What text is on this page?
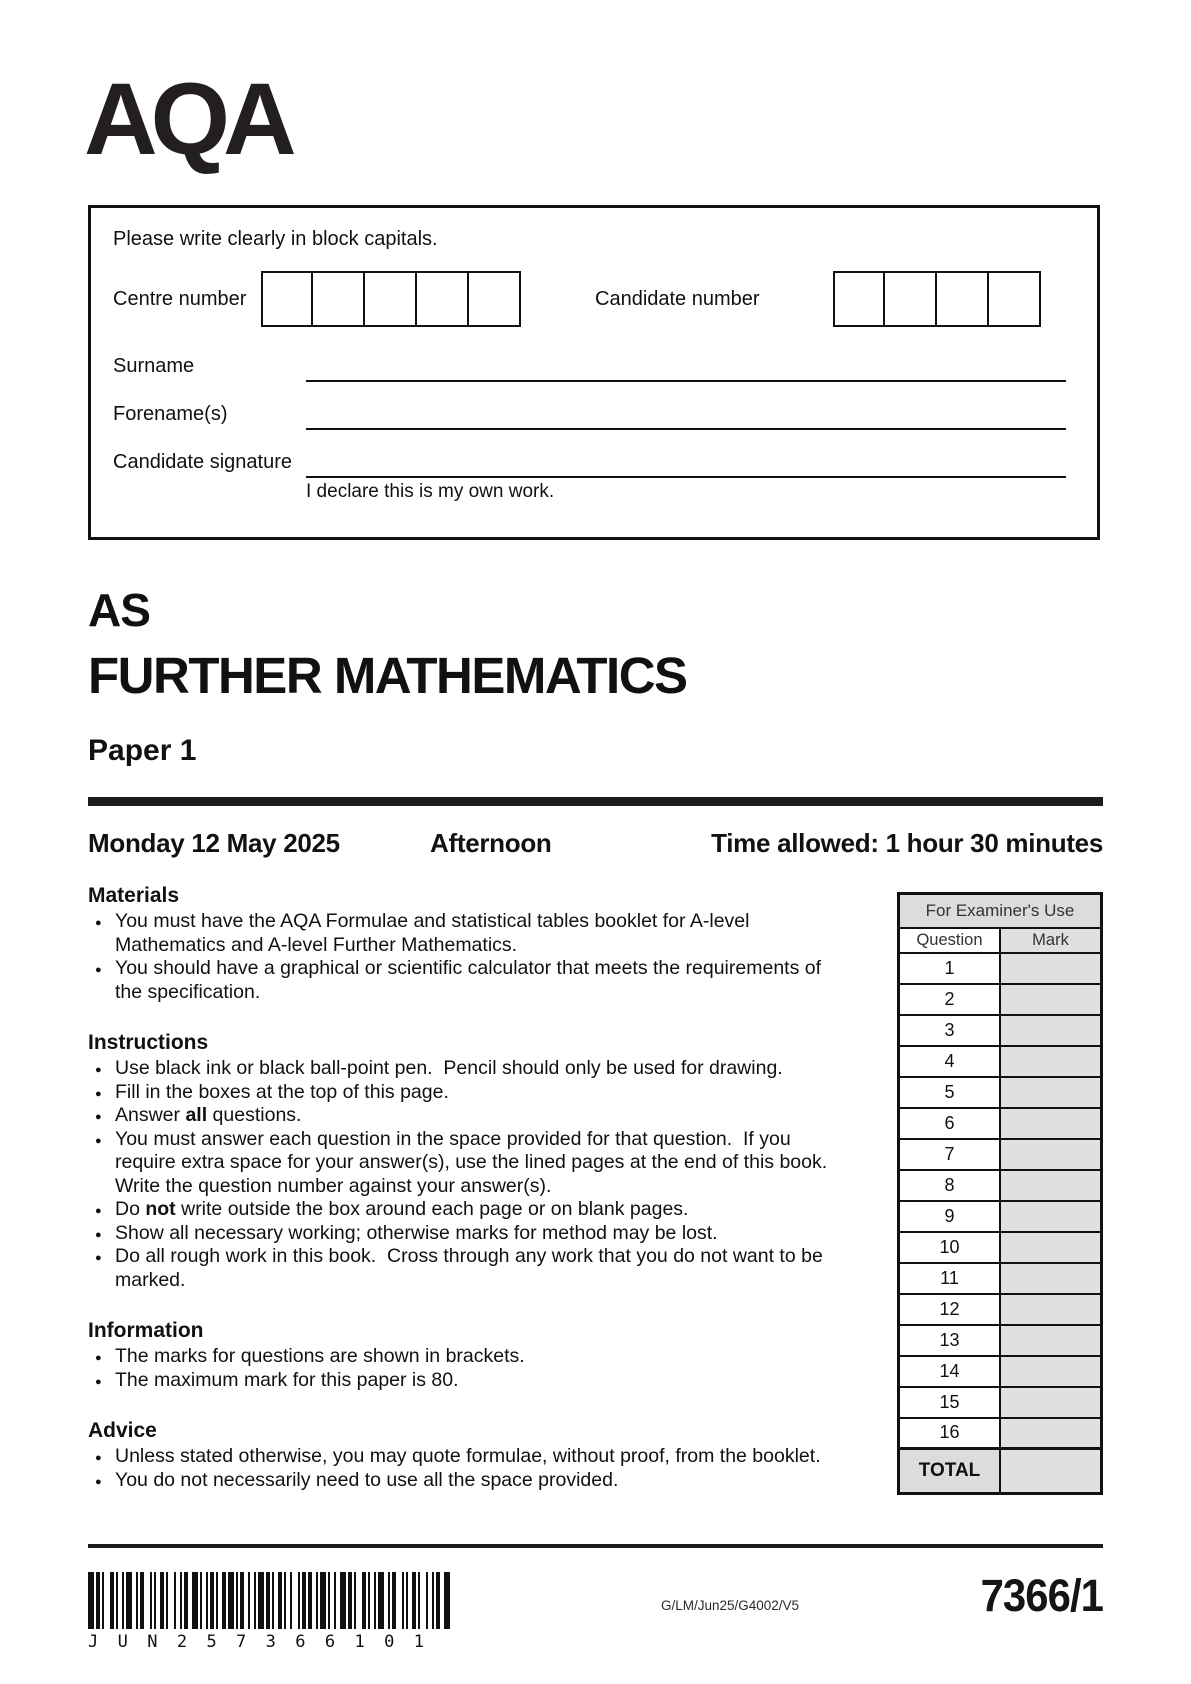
AQA
Please write clearly in block capitals.
Centre number	Candidate number
Surname
Forename(s)
Candidate signature
I declare this is my own work.
AS
FURTHER MATHEMATICS
Paper 1
Monday 12 May 2025	Afternoon	Time allowed: 1 hour 30 minutes
Materials
● You must have the AQA Formulae and statistical tables booklet for A-level Mathematics and A-level Further Mathematics.
● You should have a graphical or scientific calculator that meets the requirements of the specification.
Instructions
● Use black ink or black ball-point pen.  Pencil should only be used for drawing.
● Fill in the boxes at the top of this page.
● Answer all questions.
● You must answer each question in the space provided for that question.  If you require extra space for your answer(s), use the lined pages at the end of this book.  Write the question number against your answer(s).
● Do not write outside the box around each page or on blank pages.
● Show all necessary working; otherwise marks for method may be lost.
● Do all rough work in this book.  Cross through any work that you do not want to be marked.
Information
● The marks for questions are shown in brackets.
● The maximum mark for this paper is 80.
Advice
● Unless stated otherwise, you may quote formulae, without proof, from the booklet.
● You do not necessarily need to use all the space provided.
For Examiner's Use	
Question	Mark
1	
2	
3	
4	
5	
6	
7	
8	
9	
10	
11	
12	
13	
14	
15	
16	
TOTAL	
J U N 2 5 7 3 6 6 1 0 1
G/LM/Jun25/G4002/V5	7366/1
